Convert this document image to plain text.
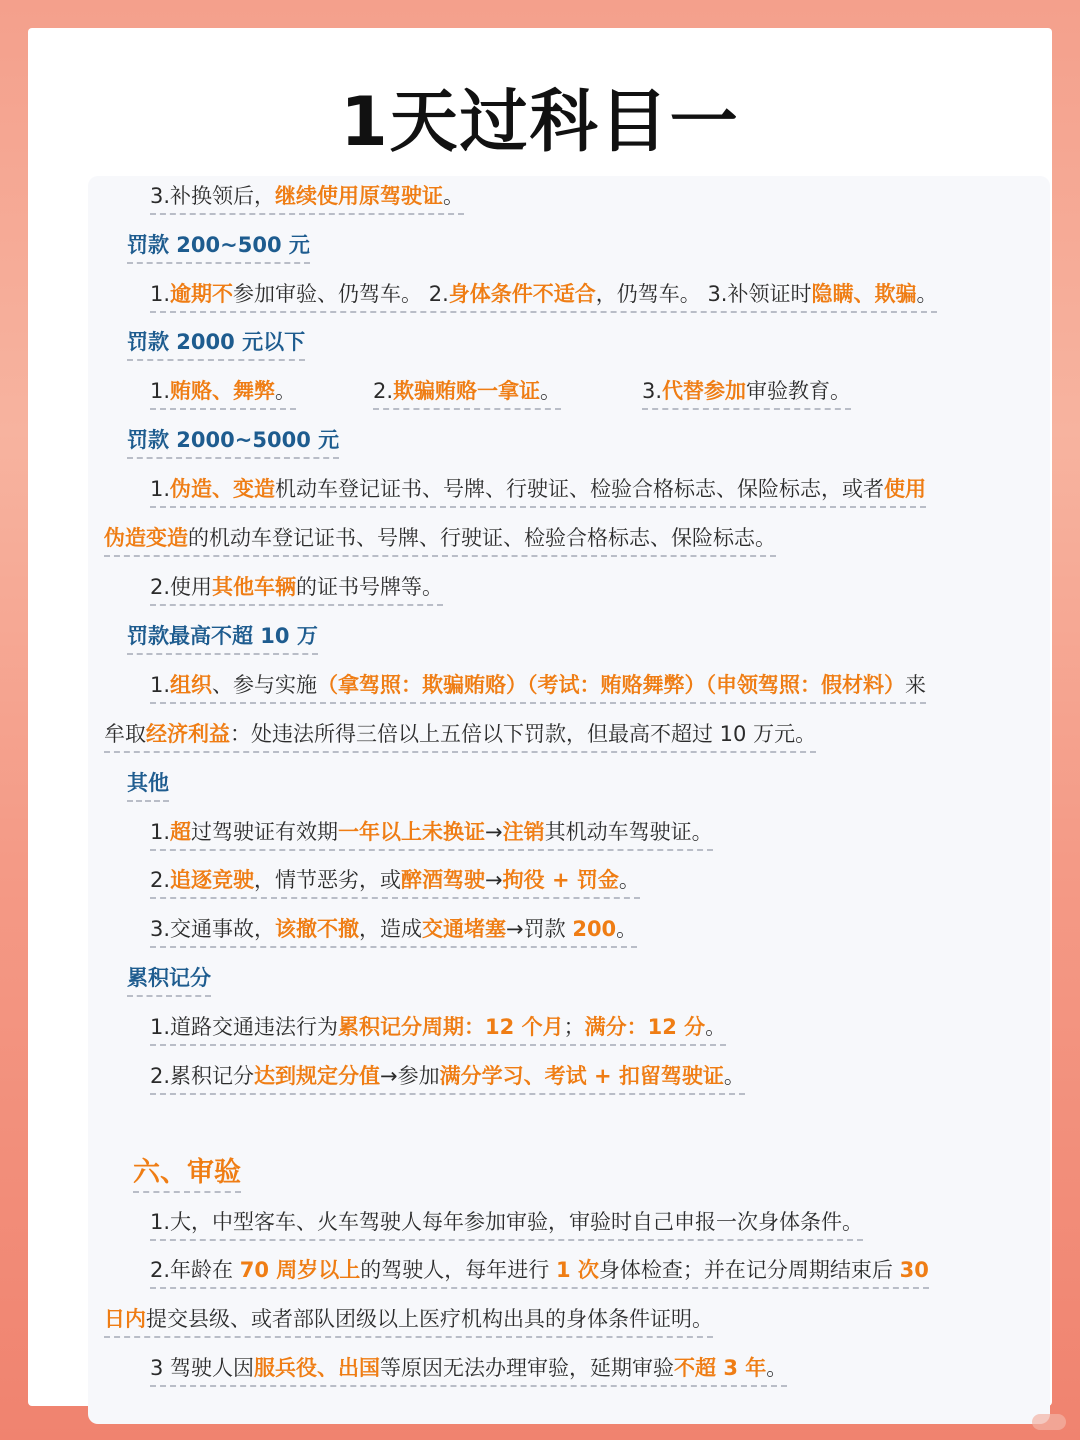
1天过科目一
3.补换领后，继续使用原驾驶证。
罚款 200~500 元
1.逾期不参加审验、仍驾车。 2.身体条件不适合，仍驾车。 3.补领证时隐瞒、欺骗。
罚款 2000 元以下
1.贿赂、舞弊。	2.欺骗贿赂一拿证。	3.代替参加审验教育。
罚款 2000~5000 元
1.伪造、变造机动车登记证书、号牌、行驶证、检验合格标志、保险标志，或者使用
伪造变造的机动车登记证书、号牌、行驶证、检验合格标志、保险标志。
2.使用其他车辆的证书号牌等。
罚款最高不超 10 万
1.组织、参与实施（拿驾照：欺骗贿赂）（考试：贿赂舞弊）（申领驾照：假材料）来
牟取经济利益：处违法所得三倍以上五倍以下罚款，但最高不超过 10 万元。
其他
1.超过驾驶证有效期一年以上未换证→注销其机动车驾驶证。
2.追逐竞驶，情节恶劣，或醉酒驾驶→拘役 + 罚金。
3.交通事故，该撤不撤，造成交通堵塞→罚款 200。
累积记分
1.道路交通违法行为累积记分周期：12 个月；满分：12 分。
2.累积记分达到规定分值→参加满分学习、考试 + 扣留驾驶证。
六、审验
1.大，中型客车、火车驾驶人每年参加审验，审验时自己申报一次身体条件。
2.年龄在 70 周岁以上的驾驶人，每年进行 1 次身体检查；并在记分周期结束后 30
日内提交县级、或者部队团级以上医疗机构出具的身体条件证明。
3 驾驶人因服兵役、出国等原因无法办理审验，延期审验不超 3 年。
